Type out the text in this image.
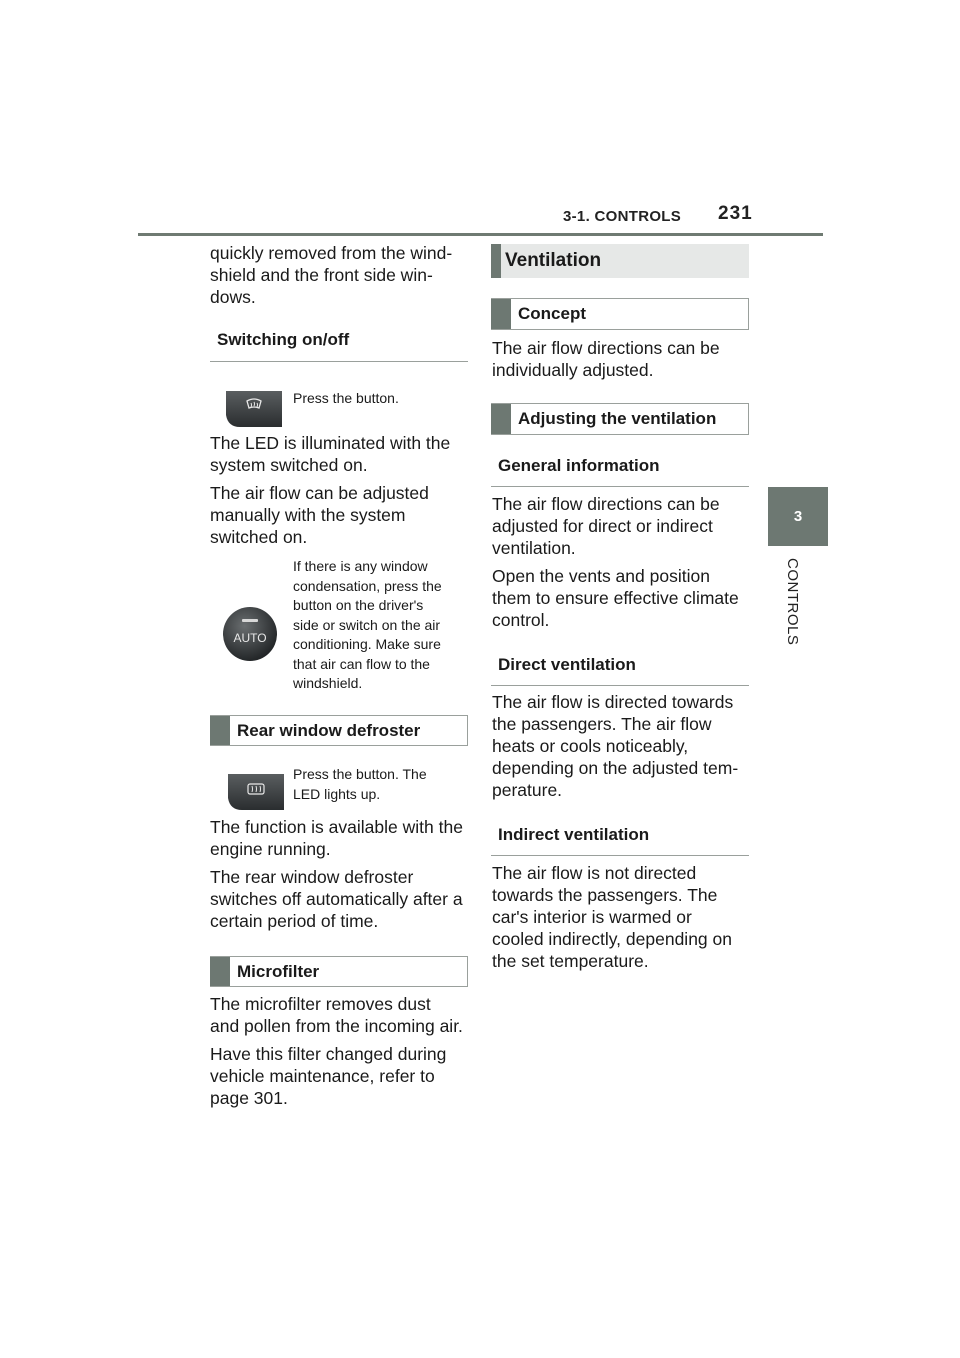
3-1. CONTROLS 231
3
CONTROLS
quickly removed from the wind-
shield and the front side win-
dows.
Switching on/off
Press the button.
The LED is illuminated with the
system switched on.
The air flow can be adjusted
manually with the system
switched on.
AUTO
If there is any window
condensation, press the
button on the driver's
side or switch on the air
conditioning. Make sure
that air can flow to the
windshield.
Rear window defroster
Press the button. The
LED lights up.
The function is available with the
engine running.
The rear window defroster
switches off automatically after a
certain period of time.
Microfilter
The microfilter removes dust
and pollen from the incoming air.
Have this filter changed during
vehicle maintenance, refer to
page 301.
Ventilation
Concept
The air flow directions can be
individually adjusted.
Adjusting the ventilation
General information
The air flow directions can be
adjusted for direct or indirect
ventilation.
Open the vents and position
them to ensure effective climate
control.
Direct ventilation
The air flow is directed towards
the passengers. The air flow
heats or cools noticeably,
depending on the adjusted tem-
perature.
Indirect ventilation
The air flow is not directed
towards the passengers. The
car's interior is warmed or
cooled indirectly, depending on
the set temperature.
